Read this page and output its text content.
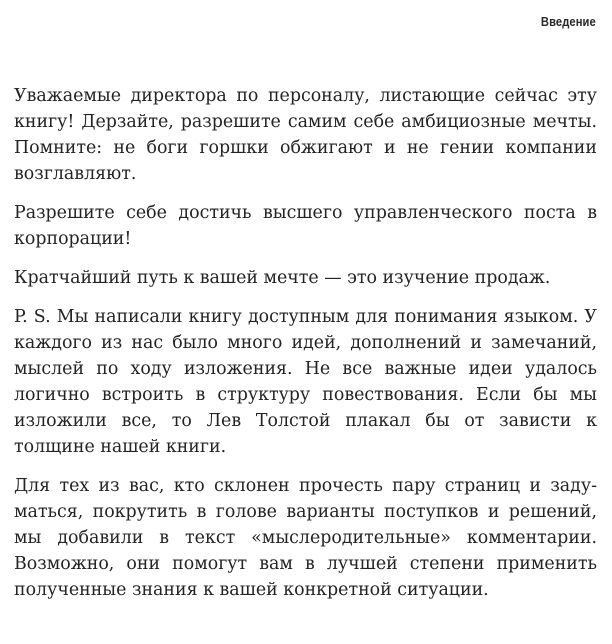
Введение

Уважаемые директора по персоналу, листающие сейчас эту книгу! Дерзайте, разрешите самим себе амбициозные мечты. Помните: не боги горшки обжигают и не гении компании возглавляют.

Разрешите себе достичь высшего управленческого поста в корпорации!

Кратчайший путь к вашей мечте — это изучение продаж.

P. S. Мы написали книгу доступным для понимания языком. У каждого из нас было много идей, дополнений и замечаний, мыслей по ходу изложения. Не все важные идеи удалось логично встроить в структуру повествования. Если бы мы изложили все, то Лев Толстой плакал бы от зависти к толщине нашей книги.

Для тех из вас, кто склонен прочесть пару страниц и задуматься, покрутить в голове варианты поступков и решений, мы добавили в текст «мыслеродительные» комментарии. Возможно, они помогут вам в лучшей степени применить полученные знания к вашей конкретной ситуации.
